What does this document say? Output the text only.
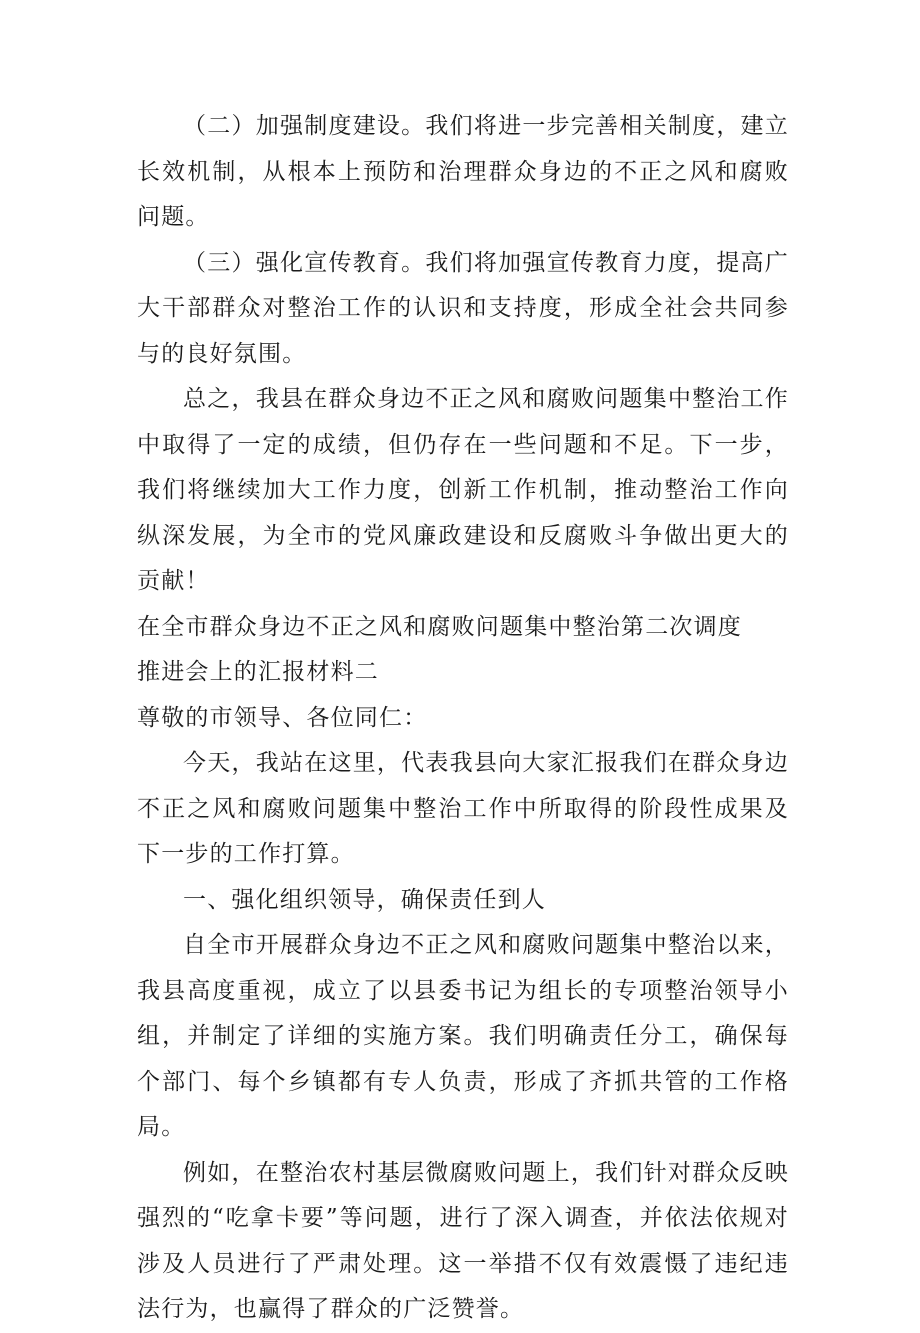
（二）加强制度建设。我们将进一步完善相关制度，建立长效机制，从根本上预防和治理群众身边的不正之风和腐败问题。

（三）强化宣传教育。我们将加强宣传教育力度，提高广大干部群众对整治工作的认识和支持度，形成全社会共同参与的良好氛围。

总之，我县在群众身边不正之风和腐败问题集中整治工作中取得了一定的成绩，但仍存在一些问题和不足。下一步，我们将继续加大工作力度，创新工作机制，推动整治工作向纵深发展，为全市的党风廉政建设和反腐败斗争做出更大的贡献！

在全市群众身边不正之风和腐败问题集中整治第二次调度

推进会上的汇报材料二

尊敬的市领导、各位同仁：

今天，我站在这里，代表我县向大家汇报我们在群众身边不正之风和腐败问题集中整治工作中所取得的阶段性成果及下一步的工作打算。

一、强化组织领导，确保责任到人

自全市开展群众身边不正之风和腐败问题集中整治以来，我县高度重视，成立了以县委书记为组长的专项整治领导小组，并制定了详细的实施方案。我们明确责任分工，确保每个部门、每个乡镇都有专人负责，形成了齐抓共管的工作格局。

例如，在整治农村基层微腐败问题上，我们针对群众反映强烈的“吃拿卡要”等问题，进行了深入调查，并依法依规对涉及人员进行了严肃处理。这一举措不仅有效震慑了违纪违法行为，也赢得了群众的广泛赞誉。
